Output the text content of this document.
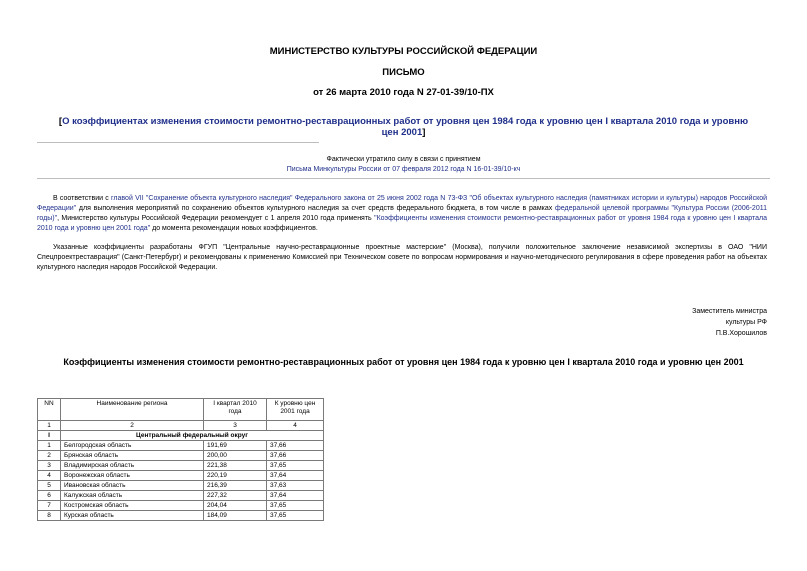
МИНИСТЕРСТВО КУЛЬТУРЫ РОССИЙСКОЙ ФЕДЕРАЦИИ
ПИСЬМО
от 26 марта 2010 года N 27-01-39/10-ПХ
[О коэффициентах изменения стоимости ремонтно-реставрационных работ от уровня цен 1984 года к уровню цен I квартала 2010 года и уровню цен 2001]
Фактически утратило силу в связи с принятием
Письма Минкультуры России от 07 февраля 2012 года N 16-01-39/10-кч
В соответствии с главой VII "Сохранение объекта культурного наследия" Федерального закона от 25 июня 2002 года N 73-ФЗ "Об объектах культурного наследия (памятниках истории и культуры) народов Российской Федерации" для выполнения мероприятий по сохранению объектов культурного наследия за счет средств федерального бюджета, в том числе в рамках федеральной целевой программы "Культура России (2006-2011 годы)", Министерство культуры Российской Федерации рекомендует с 1 апреля 2010 года применять "Коэффициенты изменения стоимости ремонтно-реставрационных работ от уровня 1984 года к уровню цен I квартала 2010 года и уровню цен 2001 года" до момента рекомендации новых коэффициентов.
Указанные коэффициенты разработаны ФГУП "Центральные научно-реставрационные проектные мастерские" (Москва), получили положительное заключение независимой экспертизы в ОАО "НИИ Спецпроектреставрация" (Санкт-Петербург) и рекомендованы к применению Комиссией при Техническом совете по вопросам нормирования и научно-методического регулирования в сфере проведения работ на объектах культурного наследия народов Российской Федерации.
Заместитель министра
культуры РФ
П.В.Хорошилов
Коэффициенты изменения стоимости ремонтно-реставрационных работ от уровня цен 1984 года к уровню цен I квартала 2010 года и уровню цен 2001
NN	Наименование региона	I квартал 2010 года	К уровню цен 2001 года
1	2	3	4
I	Центральный федеральный округ		
1	Белгородская область	191,69	37,66
2	Брянская область	200,00	37,66
3	Владимирская область	221,38	37,65
4	Воронежская область	220,19	37,64
5	Ивановская область	216,39	37,63
6	Калужская область	227,32	37,64
7	Костромская область	204,04	37,65
8	Курская область	184,09	37,65
